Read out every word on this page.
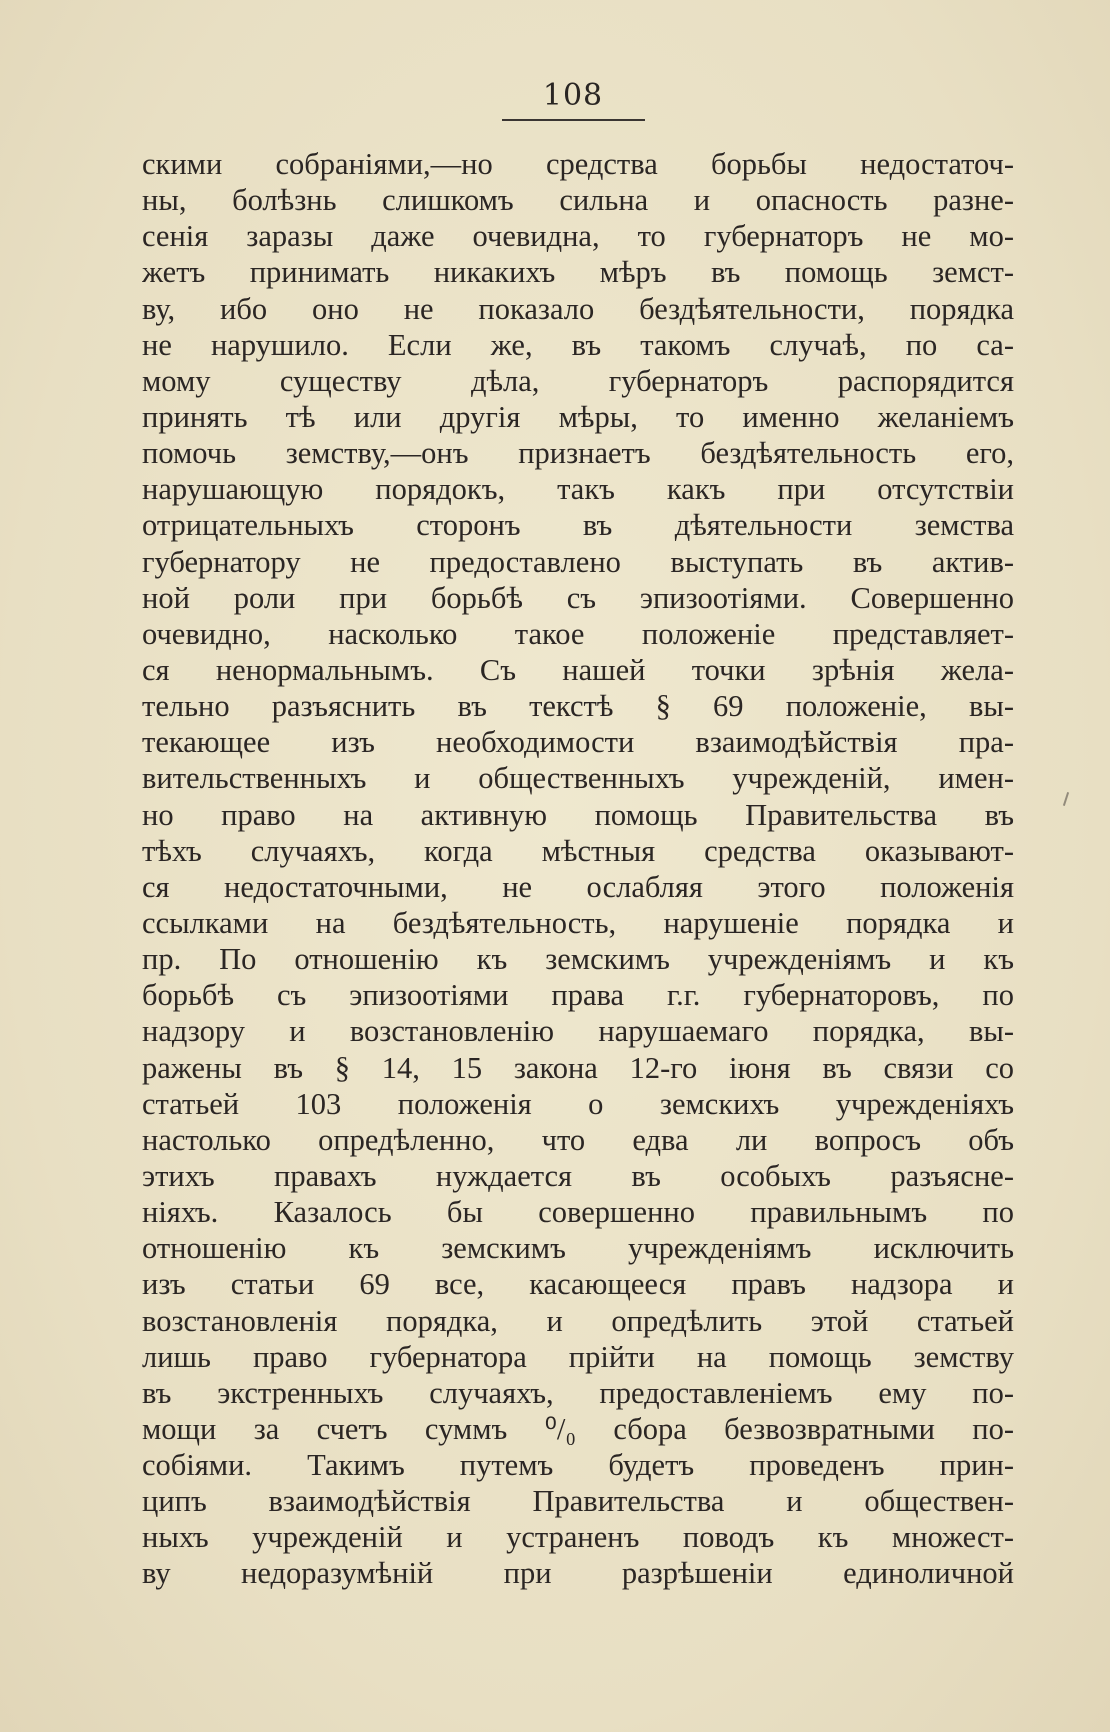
108
скими собраніями,—но средства борьбы недостаточ-
ны, болѣзнь слишкомъ сильна и опасность разне-
сенія заразы даже очевидна, то губернаторъ не мо-
жетъ принимать никакихъ мѣръ въ помощь земст-
ву, ибо оно не показало бездѣятельности, порядка
не нарушило. Если же, въ такомъ случаѣ, по са-
мому существу дѣла, губернаторъ распорядится
принять тѣ или другія мѣры, то именно желаніемъ
помочь земству,—онъ признаетъ бездѣятельность его,
нарушающую порядокъ, такъ какъ при отсутствіи
отрицательныхъ сторонъ въ дѣятельности земства
губернатору не предоставлено выступать въ актив-
ной роли при борьбѣ съ эпизоотіями. Совершенно
очевидно, насколько такое положеніе представляет-
ся ненормальнымъ. Съ нашей точки зрѣнія жела-
тельно разъяснить въ текстѣ § 69 положеніе, вы-
текающее изъ необходимости взаимодѣйствія пра-
вительственныхъ и общественныхъ учрежденій, имен-
но право на активную помощь Правительства въ
тѣхъ случаяхъ, когда мѣстныя средства оказывают-
ся недостаточными, не ослабляя этого положенія
ссылками на бездѣятельность, нарушеніе порядка и
пр. По отношенію къ земскимъ учрежденіямъ и къ
борьбѣ съ эпизоотіями права г.г. губернаторовъ, по
надзору и возстановленію нарушаемаго порядка, вы-
ражены въ § 14, 15 закона 12-го іюня въ связи со
статьей 103 положенія о земскихъ учрежденіяхъ
настолько опредѣленно, что едва ли вопросъ объ
этихъ правахъ нуждается въ особыхъ разъясне-
ніяхъ. Казалось бы совершенно правильнымъ по
отношенію къ земскимъ учрежденіямъ исключить
изъ статьи 69 все, касающееся правъ надзора и
возстановленія порядка, и опредѣлить этой статьей
лишь право губернатора прійти на помощь земству
въ экстренныхъ случаяхъ, предоставленіемъ ему по-
мощи за счетъ суммъ ⁰/₀ сбора безвозвратными по-
собіями. Такимъ путемъ будетъ проведенъ прин-
ципъ взаимодѣйствія Правительства и обществен-
ныхъ учрежденій и устраненъ поводъ къ множест-
ву недоразумѣній при разрѣшеніи единоличной
